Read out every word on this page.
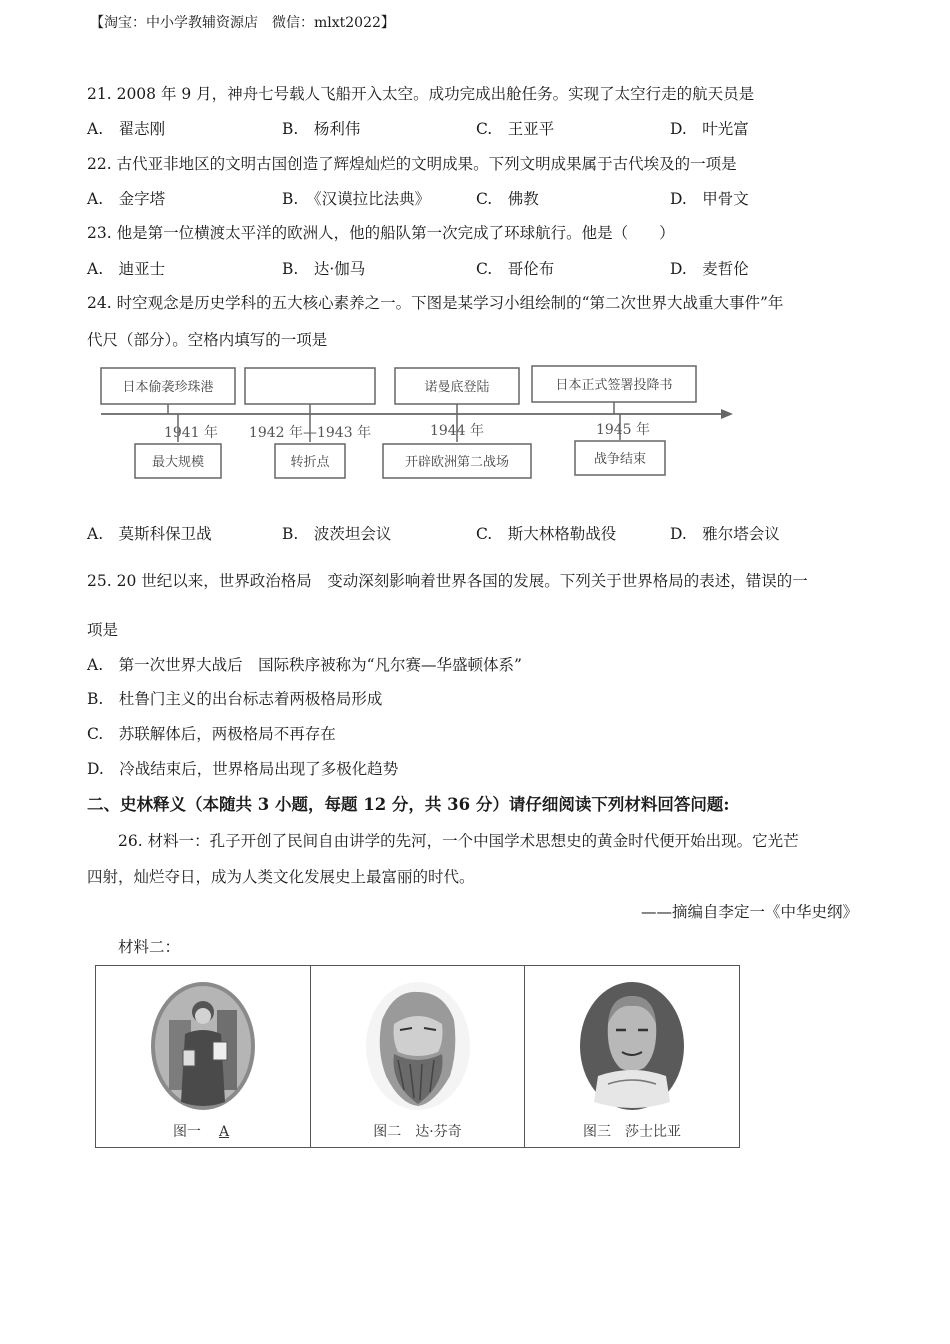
【淘宝：中小学教辅资源店　微信：mlxt2022】
21. 2008 年 9 月，神舟七号载人飞船开入太空。成功完成出舱任务。实现了太空行走的航天员是
A.　翟志刚	B.　杨利伟	C.　王亚平	D.　叶光富
22. 古代亚非地区的文明古国创造了辉煌灿烂的文明成果。下列文明成果属于古代埃及的一项是
A.　金字塔	B.　《汉谟拉比法典》	C.　佛教	D.　甲骨文
23. 他是第一位横渡太平洋的欧洲人，他的船队第一次完成了环球航行。他是（　　）
A.　迪亚士	B.　达·伽马	C.　哥伦布	D.　麦哲伦
24. 时空观念是历史学科的五大核心素养之一。下图是某学习小组绘制的“第二次世界大战重大事件”年
代尺（部分）。空格内填写的一项是
日本偷袭珍珠港	诺曼底登陆	日本正式签署投降书
1941 年 1942 年—1943 年	1944 年	1945 年
最大规模	转折点	开辟欧洲第二战场	战争结束
A.　莫斯科保卫战	B.　波茨坦会议	C.　斯大林格勒战役	D.　雅尔塔会议
25. 20 世纪以来，世界政治格局　变动深刻影响着世界各国的发展。下列关于世界格局的表述，错误的一
项是
A.　第一次世界大战后　国际秩序被称为“凡尔赛—华盛顿体系”
B.　杜鲁门主义的出台标志着两极格局形成
C.　苏联解体后，两极格局不再存在
D.　冷战结束后，世界格局出现了多极化趋势
二、史林释义（本随共 3 小题，每题 12 分，共 36 分）请仔细阅读下列材料回答问题:
26. 材料一：孔子开创了民间自由讲学的先河，一个中国学术思想史的黄金时代便开始出现。它光芒
四射，灿烂夺日，成为人类文化发展史上最富丽的时代。
——摘编自李定一《中华史纲》
材料二：
图一　A	图二　达·芬奇	图三　莎士比亚
